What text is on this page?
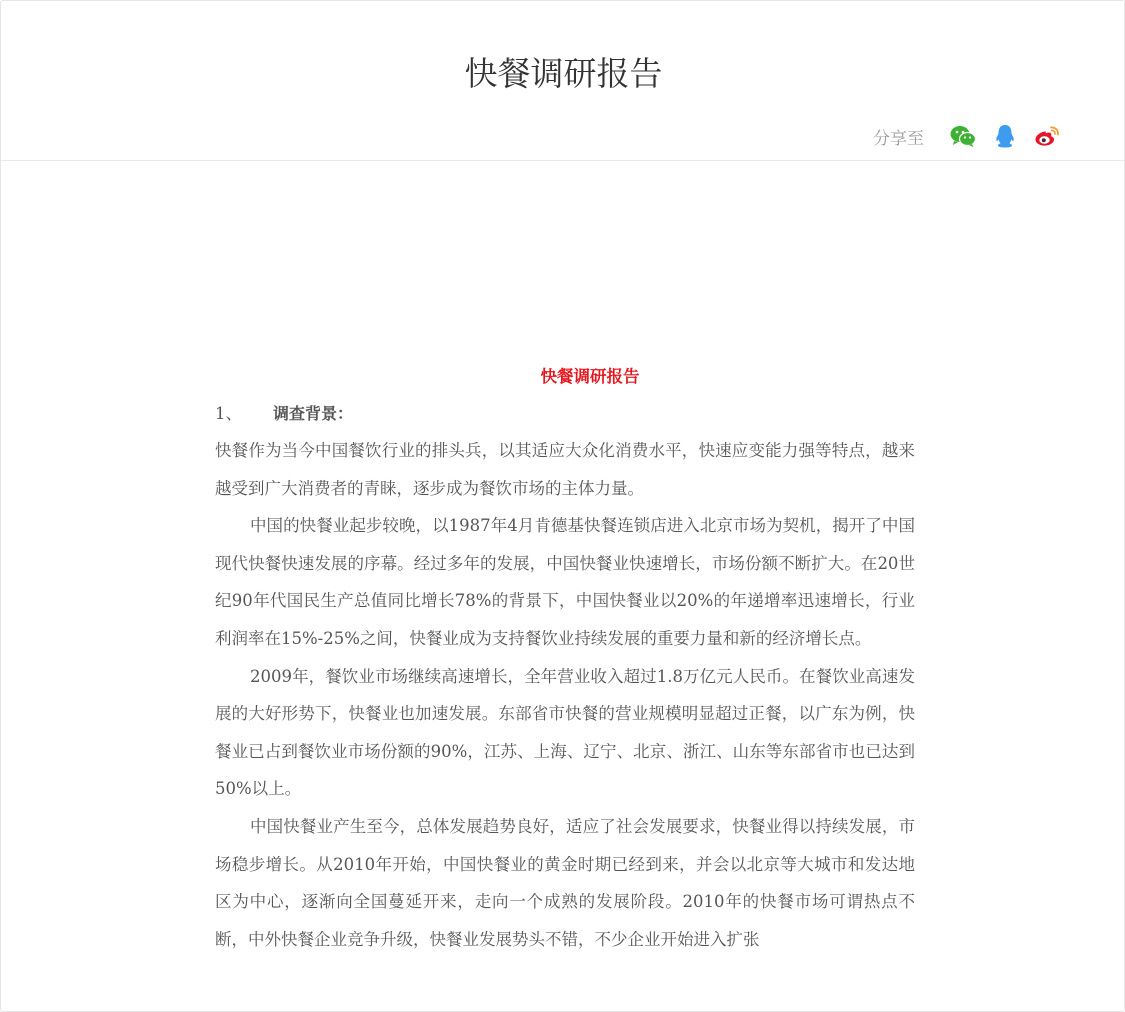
快餐调研报告
分享至

快餐调研报告

1、 调查背景：

快餐作为当今中国餐饮行业的排头兵，以其适应大众化消费水平，快速应变能力强等特点，越来越受到广大消费者的青睐，逐步成为餐饮市场的主体力量。

中国的快餐业起步较晚，以1987年4月肯德基快餐连锁店进入北京市场为契机，揭开了中国现代快餐快速发展的序幕。经过多年的发展，中国快餐业快速增长，市场份额不断扩大。在20世纪90年代国民生产总值同比增长78%的背景下，中国快餐业以20%的年递增率迅速增长，行业利润率在15%-25%之间，快餐业成为支持餐饮业持续发展的重要力量和新的经济增长点。

2009年，餐饮业市场继续高速增长，全年营业收入超过1.8万亿元人民币。在餐饮业高速发展的大好形势下，快餐业也加速发展。东部省市快餐的营业规模明显超过正餐，以广东为例，快餐业已占到餐饮业市场份额的90%，江苏、上海、辽宁、北京、浙江、山东等东部省市也已达到50%以上。

中国快餐业产生至今，总体发展趋势良好，适应了社会发展要求，快餐业得以持续发展，市场稳步增长。从2010年开始，中国快餐业的黄金时期已经到来，并会以北京等大城市和发达地区为中心，逐渐向全国蔓延开来，走向一个成熟的发展阶段。2010年的快餐市场可谓热点不断，中外快餐企业竞争升级，快餐业发展势头不错，不少企业开始进入扩张
